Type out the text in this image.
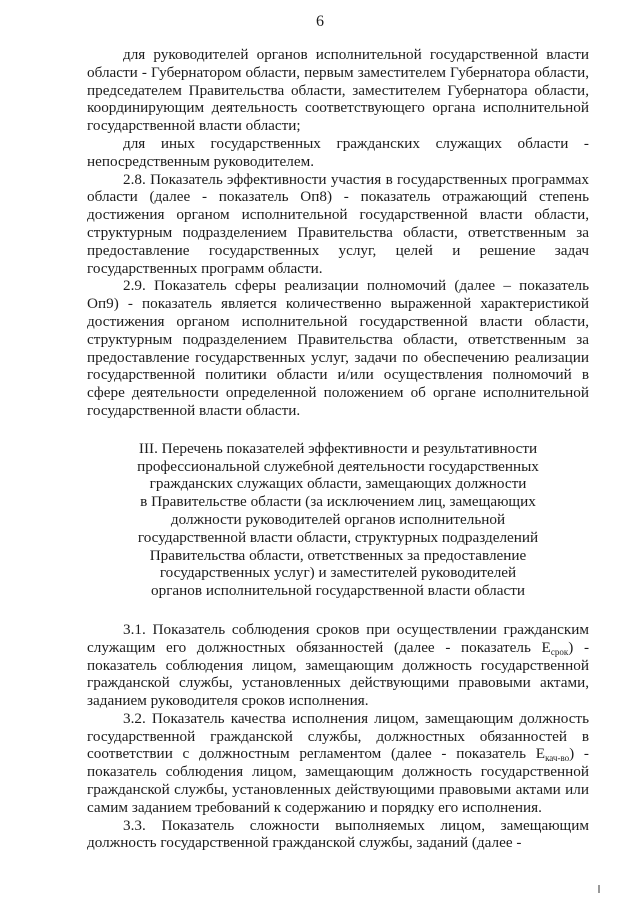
6

для руководителей органов исполнительной государственной власти области - Губернатором области, первым заместителем Губернатора области, председателем Правительства области, заместителем Губернатора области, координирующим деятельность соответствующего органа исполнительной государственной власти области;

для иных государственных гражданских служащих области - непосредственным руководителем.

2.8. Показатель эффективности участия в государственных программах области (далее - показатель Оп8) - показатель отражающий степень достижения органом исполнительной государственной власти области, структурным подразделением Правительства области, ответственным за предоставление государственных услуг, целей и решение задач государственных программ области.

2.9. Показатель сферы реализации полномочий (далее – показатель Оп9) - показатель является количественно выраженной характеристикой достижения органом исполнительной государственной власти области, структурным подразделением Правительства области, ответственным за предоставление государственных услуг, задачи по обеспечению реализации государственной политики области и/или осуществления полномочий в сфере деятельности определенной положением об органе исполнительной государственной власти области.

III. Перечень показателей эффективности и результативности
профессиональной служебной деятельности государственных
гражданских служащих области, замещающих должности
в Правительстве области (за исключением лиц, замещающих
должности руководителей органов исполнительной
государственной власти области, структурных подразделений
Правительства области, ответственных за предоставление
государственных услуг) и заместителей руководителей
органов исполнительной государственной власти области

3.1. Показатель соблюдения сроков при осуществлении гражданским служащим его должностных обязанностей (далее - показатель $E_{срок}$) - показатель соблюдения лицом, замещающим должность государственной гражданской службы, установленных действующими правовыми актами, заданием руководителя сроков исполнения.

3.2. Показатель качества исполнения лицом, замещающим должность государственной гражданской службы, должностных обязанностей в соответствии с должностным регламентом (далее - показатель $E_{кач-во}$) - показатель соблюдения лицом, замещающим должность государственной гражданской службы, установленных действующими правовыми актами или самим заданием требований к содержанию и порядку его исполнения.

3.3. Показатель сложности выполняемых лицом, замещающим должность государственной гражданской службы, заданий (далее -
